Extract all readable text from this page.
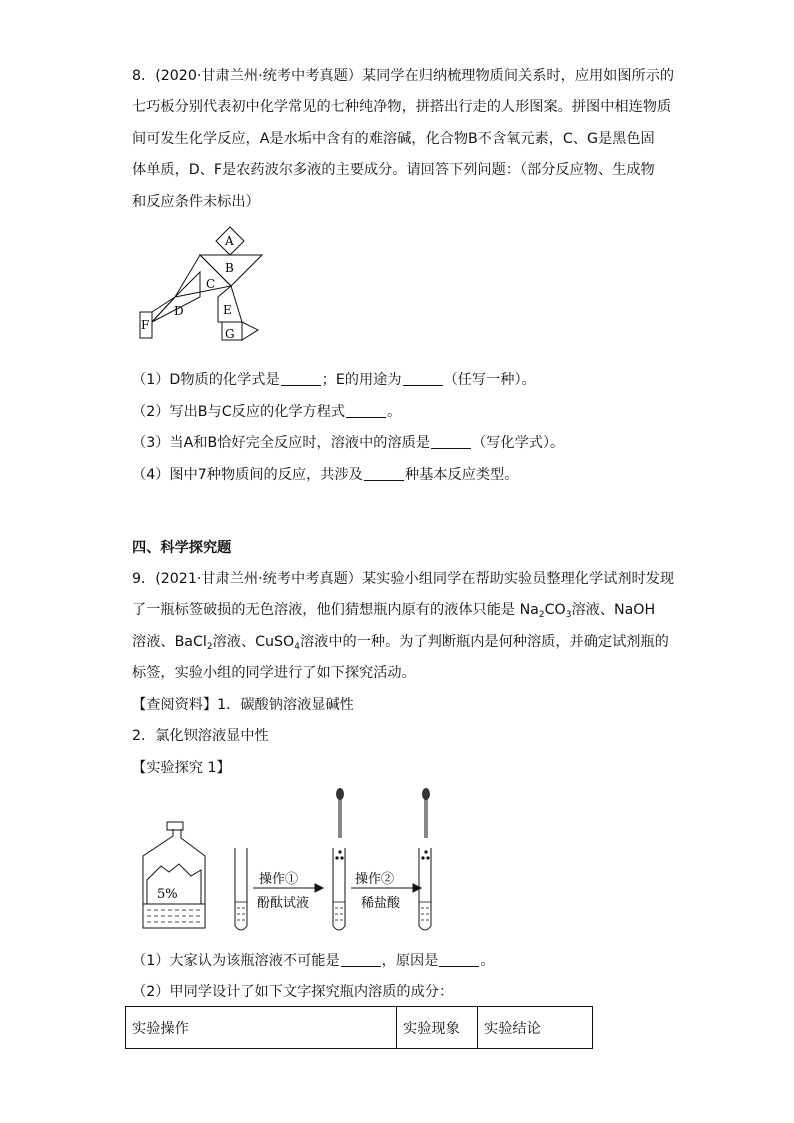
8．(2020·甘肃兰州·统考中考真题）某同学在归纳梳理物质间关系时，应用如图所示的
七巧板分别代表初中化学常见的七种纯净物，拼搭出行走的人形图案。拼图中相连物质
间可发生化学反应，A是水垢中含有的难溶碱，化合物B不含氧元素，C、G是黑色固
体单质，D、F是农药波尔多液的主要成分。请回答下列问题：（部分反应物、生成物
和反应条件未标出）
A
B
C
D	E
F
G
（1）D物质的化学式是	；E的用途为	（任写一种）。
（2）写出B与C反应的化学方程式	。
（3）当A和B恰好完全反应时，溶液中的溶质是	（写化学式）。
（4）图中7种物质间的反应，共涉及	种基本反应类型。
四、科学探究题
9．(2021·甘肃兰州·统考中考真题）某实验小组同学在帮助实验员整理化学试剂时发现
了一瓶标签破损的无色溶液，他们猜想瓶内原有的液体只能是 $Na_2CO_3$溶液、NaOH
溶液、BaCl$_2$溶液、CuSO$_4$溶液中的一种。为了判断瓶内是何种溶质，并确定试剂瓶的
标签，实验小组的同学进行了如下探究活动。
【查阅资料】1．碳酸钠溶液显碱性
2．氯化钡溶液显中性
【实验探究 1】
5%
操作①
酚酞试液
操作②
稀盐酸
（1）大家认为该瓶溶液不可能是	，原因是	。
（2）甲同学设计了如下文字探究瓶内溶质的成分：
实验操作	实验现象	实验结论
